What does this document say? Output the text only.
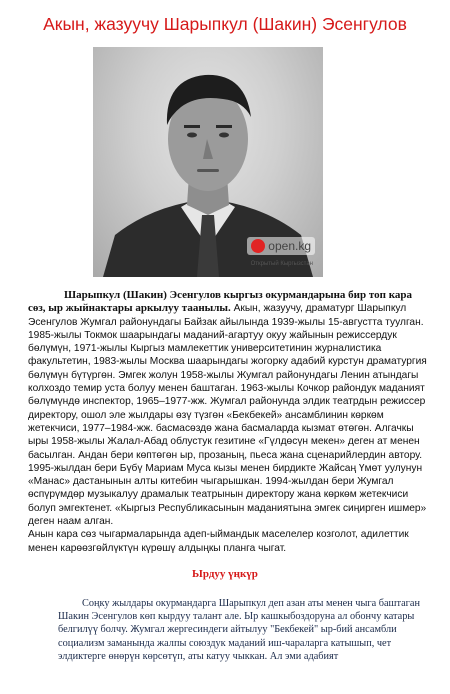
Акын, жазуучу Шарыпкул (Шакин) Эсенгулов
open.kg
Открытый Кыргызстан

Шарыпкул (Шакин) Эсенгулов кыргыз окурмандарына бир топ кара сөз, ыр жыйнактары аркылуу таанылы. Акын, жазуучу, драматург Шарыпкул Эсенгулов Жумгал районундагы Байзак айылында 1939-жылы 15-августта туулган. 1985-жылы Токмок шаарындагы маданий-агартуу окуу жайынын режиссердук бөлүмүн, 1971-жылы Кыргыз мамлекеттик университетинин журналистика факультетин, 1983-жылы Москва шаарындагы жогорку адабий курстун драматургия бөлүмүн бүтүргөн. Эмгек жолун 1958-жылы Жумгал районундагы Ленин атындагы колхоздо темир уста болуу менен баштаган. 1963-жылы Кочкор райондук маданият бөлүмүндө инспектор, 1965–1977-жж. Жумгал районунда элдик театрдын режиссер директору, ошол эле жылдары өзү түзгөн «Бекбекей» ансамблинин көркөм жетекчиси, 1977–1984-жж. басмасөздө жана басмаларда кызмат өтөгөн. Алгачкы ыры 1958-жылы Жалал-Абад облустук гезитине «Гүлдөсүн мекен» деген ат менен басылган. Андан бери көптөгөн ыр, прозаның, пьеса жана сценарийлердин автору. 1995-жылдан бери Бүбү Мариам Муса кызы менен бирдикте Жайсаң Үмөт уулунун «Манас» дастанынын алты китебин чыгарышкан. 1994-жылдан бери Жумгал өспүрүмдөр музыкалуу драмалык театрынын директору жана көркөм жетекчиси болуп эмгектенет. «Кыргыз Республикасынын маданиятына эмгек сиңирген ишмер» деген наам алган.

Анын кара сөз чыгармаларында адеп-ыймандык маселелер козголот, адилеттик менен карөөзгөйлүктүн күрөшү алдыңкы планга чыгат.

Ырдуу үңкүр

Соңку жылдары окурмандарга Шарыпкул деп азан аты менен чыга баштаган Шакин Эсенгулов көп кырдуу талант але. Ыр кашкыбоздоруна ал обончу катары белгилүү болчу. Жумгал жергесиндеги айтылуу "Бекбекей" ыр-бий ансамбли социализм заманында жалпы союздук маданий иш-чараларга катышып, чет элдиктерге өнөрүн көрсөтүп, аты катуу чыккан. Ал эми адабият
